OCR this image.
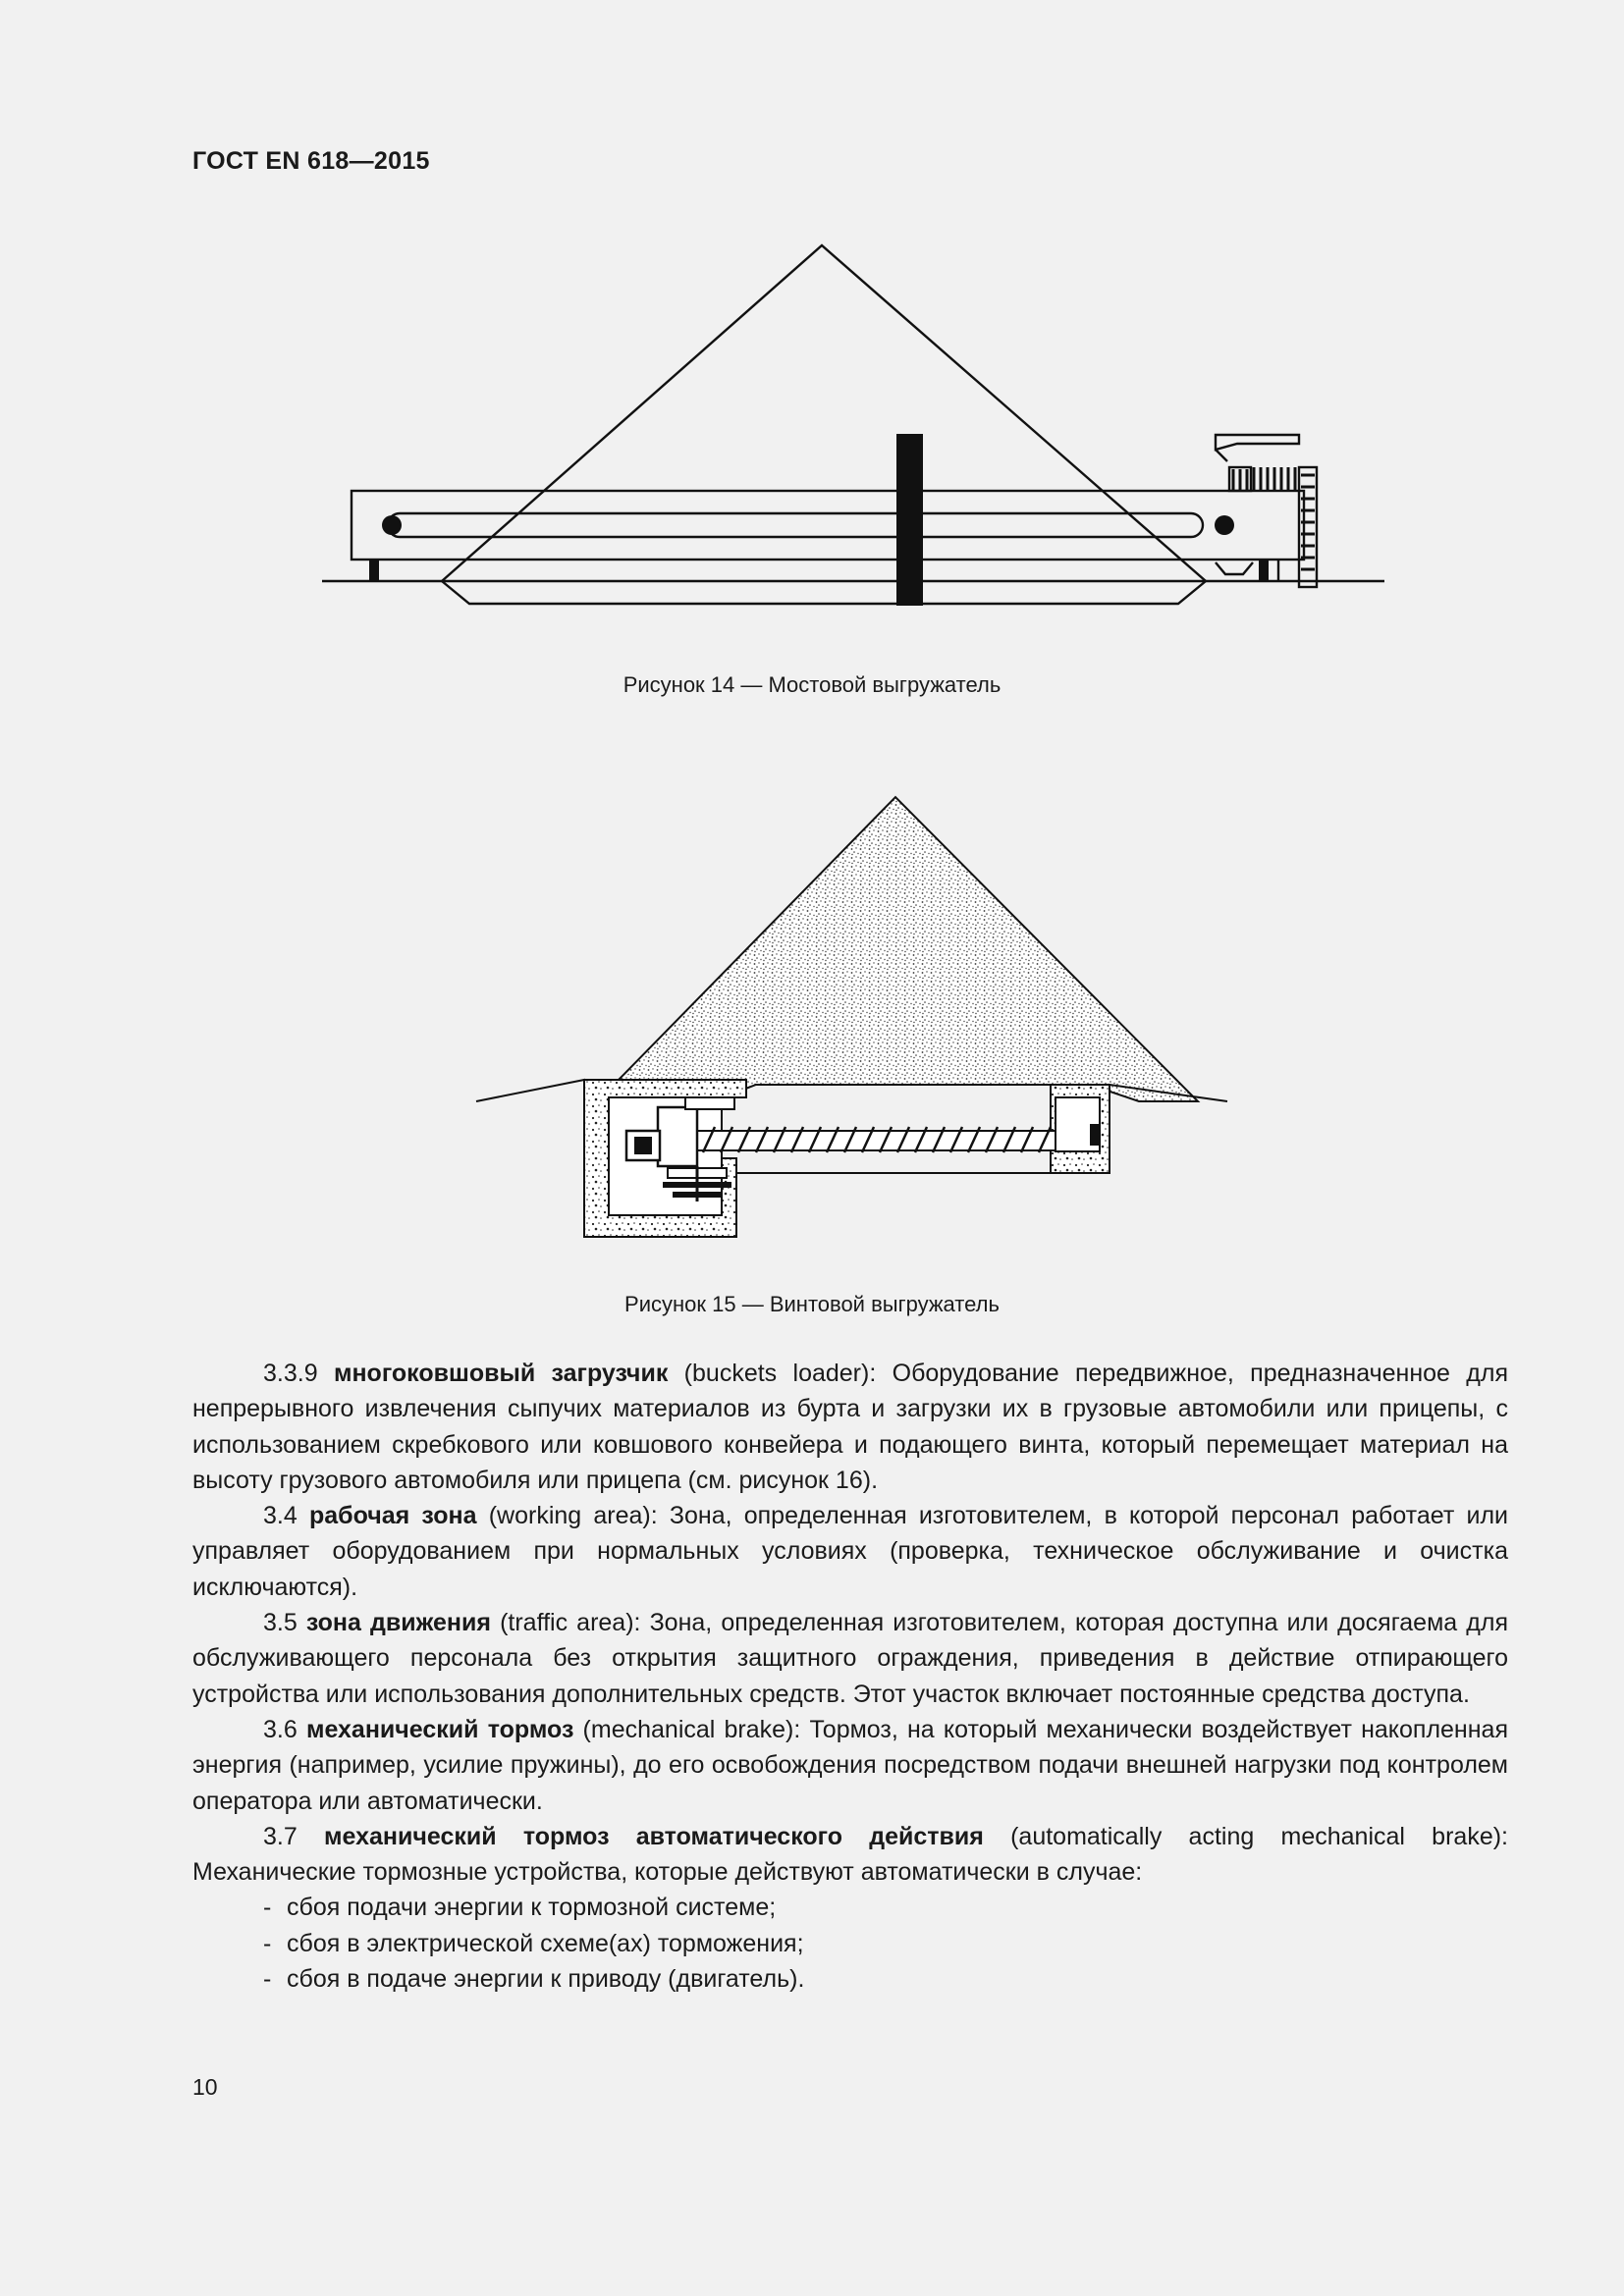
ГОСТ EN 618—2015
Рисунок 14 — Мостовой выгружатель
Рисунок 15 — Винтовой выгружатель

3.3.9 многоковшовый загрузчик (buckets loader): Оборудование передвижное, предназначенное для непрерывного извлечения сыпучих материалов из бурта и загрузки их в грузовые автомобили или прицепы, с использованием скребкового или ковшового конвейера и подающего винта, который перемещает материал на высоту грузового автомобиля или прицепа (см. рисунок 16).

3.4 рабочая зона (working area): Зона, определенная изготовителем, в которой персонал работает или управляет оборудованием при нормальных условиях (проверка, техническое обслуживание и очистка исключаются).

3.5 зона движения (traffic area): Зона, определенная изготовителем, которая доступна или досягаема для обслуживающего персонала без открытия защитного ограждения, приведения в действие отпирающего устройства или использования дополнительных средств. Этот участок включает постоянные средства доступа.

3.6 механический тормоз (mechanical brake): Тормоз, на который механически воздействует накопленная энергия (например, усилие пружины), до его освобождения посредством подачи внешней нагрузки под контролем оператора или автоматически.

3.7 механический тормоз автоматического действия (automatically acting mechanical brake): Механические тормозные устройства, которые действуют автоматически в случае:

- сбоя подачи энергии к тормозной системе;
- сбоя в электрической схеме(ах) торможения;
- сбоя в подаче энергии к приводу (двигатель).
10
